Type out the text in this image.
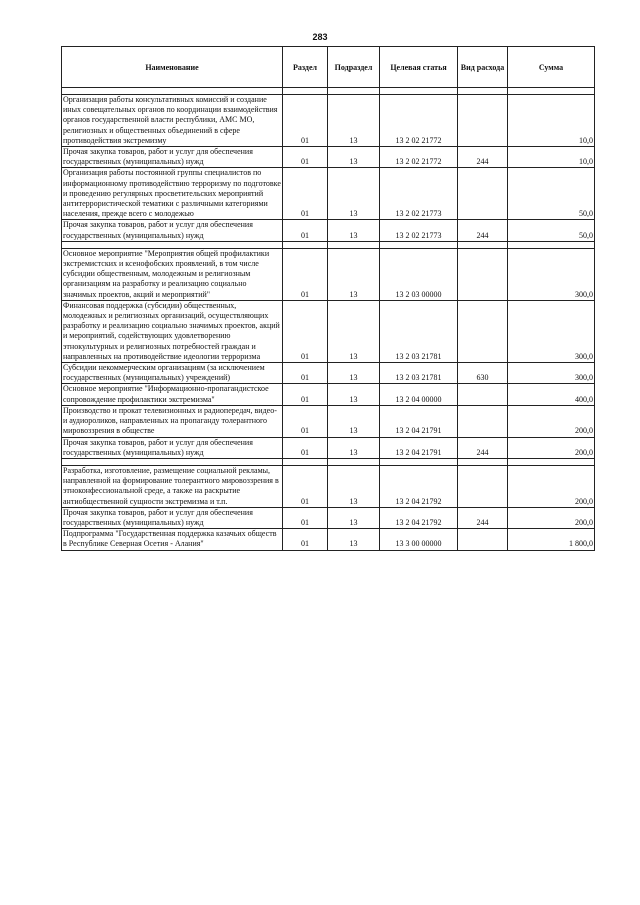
283
Наименование	Раздел	Подраздел	Целевая статья	Вид расхода	Сумма

Организация работы консультативных комиссий и создание иных совещательных органов по координации взаимодействия органов государственной власти республики, АМС МО, религиозных и общественных объединений в сфере противодействия экстремизму	01	13	13 2 02 21772		10,0
Прочая закупка товаров, работ и услуг для обеспечения государственных (муниципальных) нужд	01	13	13 2 02 21772	244	10,0
Организация работы постоянной группы специалистов по информационному противодействию терроризму по подготовке и проведению регулярных просветительских мероприятий антитеррористической тематики с различными категориями населения, прежде всего с молодежью	01	13	13 2 02 21773		50,0
Прочая закупка товаров, работ и услуг для обеспечения государственных (муниципальных) нужд	01	13	13 2 02 21773	244	50,0

Основное мероприятие "Мероприятия общей профилактики экстремистских и ксенофобских проявлений, в том числе субсидии общественным, молодежным и религиозным организациям на разработку и реализацию социально значимых проектов, акций и мероприятий"	01	13	13 2 03 00000		300,0
Финансовая поддержка (субсидии) общественных, молодежных и религиозных организаций, осуществляющих разработку и реализацию социально значимых проектов, акций и мероприятий, содействующих удовлетворению этнокультурных и религиозных потребностей граждан и направленных на противодействие идеологии терроризма	01	13	13 2 03 21781		300,0
Субсидии некоммерческим организациям (за исключением государственных (муниципальных) учреждений)	01	13	13 2 03 21781	630	300,0
Основное мероприятие "Информационно-пропагандистское сопровождение профилактики экстремизма"	01	13	13 2 04 00000		400,0
Производство и прокат телевизионных и радиопередач, видео- и аудиороликов, направленных на пропаганду толерантного мировоззрения в обществе	01	13	13 2 04 21791		200,0
Прочая закупка товаров, работ и услуг для обеспечения государственных (муниципальных) нужд	01	13	13 2 04 21791	244	200,0

Разработка, изготовление, размещение социальной рекламы, направленной на формирование толерантного мировоззрения в этноконфессиональной среде, а также на раскрытие антиобщественной сущности экстремизма и т.п.	01	13	13 2 04 21792		200,0
Прочая закупка товаров, работ и услуг для обеспечения государственных (муниципальных) нужд	01	13	13 2 04 21792	244	200,0
Подпрограмма "Государственная поддержка казачьих обществ в Республике Северная Осетия - Алания"	01	13	13 3 00 00000		1 800,0
